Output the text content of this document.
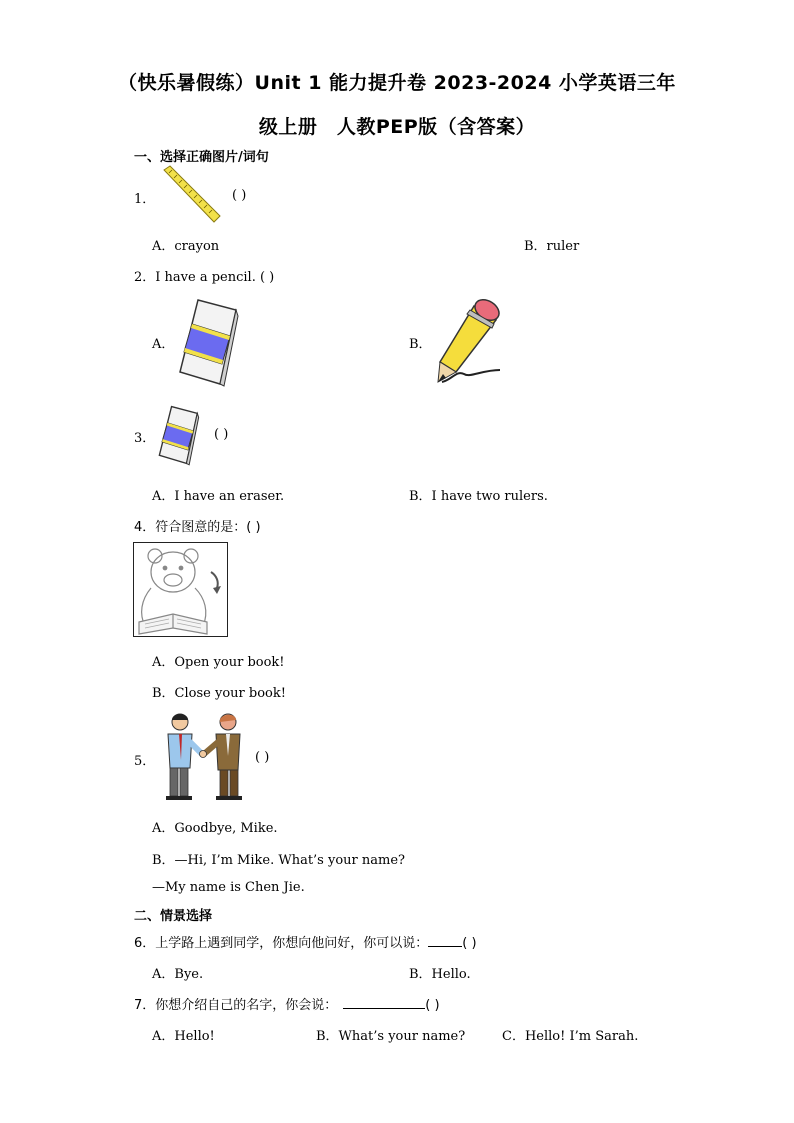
（快乐暑假练）Unit 1 能力提升卷 2023-2024 小学英语三年
级上册　人教PEP版（含答案）
一、选择正确图片/词句
1．	( )
A．crayon	B．ruler
2．I have a pencil. ( )
A．	B．
3．	( )
A．I have an eraser.	B．I have two rulers.
4．符合图意的是：( )
A．Open your book!
B．Close your book!
5．	( )
A．Goodbye, Mike.
B．—Hi, I’m Mike. What’s your name?
—My name is Chen Jie.
二、情景选择
6．上学路上遇到同学，你想向他问好，你可以说：	( )
A．Bye.	B．Hello.
7．你想介绍自己的名字，你会说：	( )
A．Hello!	B．What’s your name?	C．Hello! I’m Sarah.
